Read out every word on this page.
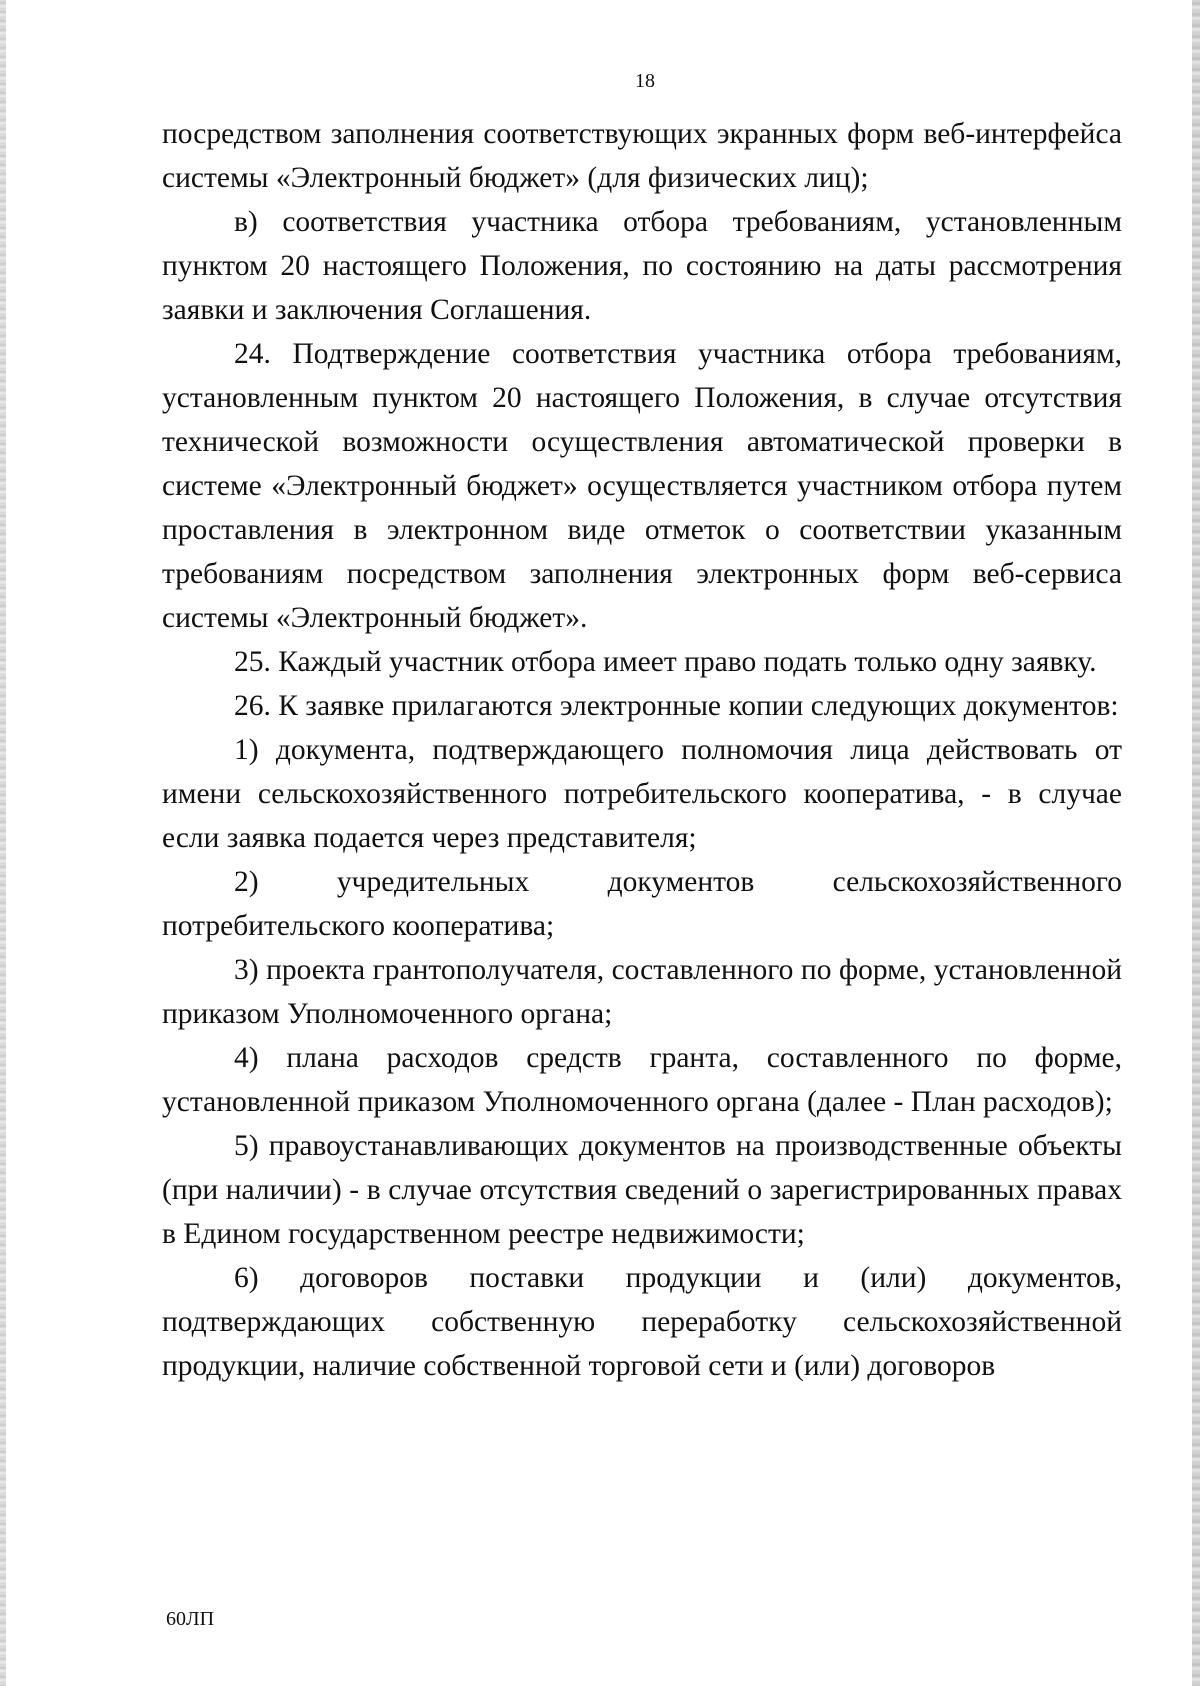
18

посредством заполнения соответствующих экранных форм веб-интерфейса системы «Электронный бюджет» (для физических лиц);

в) соответствия участника отбора требованиям, установленным пунктом 20 настоящего Положения, по состоянию на даты рассмотрения заявки и заключения Соглашения.

24. Подтверждение соответствия участника отбора требованиям, установленным пунктом 20 настоящего Положения, в случае отсутствия технической возможности осуществления автоматической проверки в системе «Электронный бюджет» осуществляется участником отбора путем проставления в электронном виде отметок о соответствии указанным требованиям посредством заполнения электронных форм веб-сервиса системы «Электронный бюджет».

25. Каждый участник отбора имеет право подать только одну заявку.

26. К заявке прилагаются электронные копии следующих документов:

1) документа, подтверждающего полномочия лица действовать от имени сельскохозяйственного потребительского кооператива, - в случае если заявка подается через представителя;

2) учредительных документов сельскохозяйственного потребительского кооператива;

3) проекта грантополучателя, составленного по форме, установленной приказом Уполномоченного органа;

4) плана расходов средств гранта, составленного по форме, установленной приказом Уполномоченного органа (далее - План расходов);

5) правоустанавливающих документов на производственные объекты (при наличии) - в случае отсутствия сведений о зарегистрированных правах в Едином государственном реестре недвижимости;

6) договоров поставки продукции и (или) документов, подтверждающих собственную переработку сельскохозяйственной продукции, наличие собственной торговой сети и (или) договоров

60ЛП
